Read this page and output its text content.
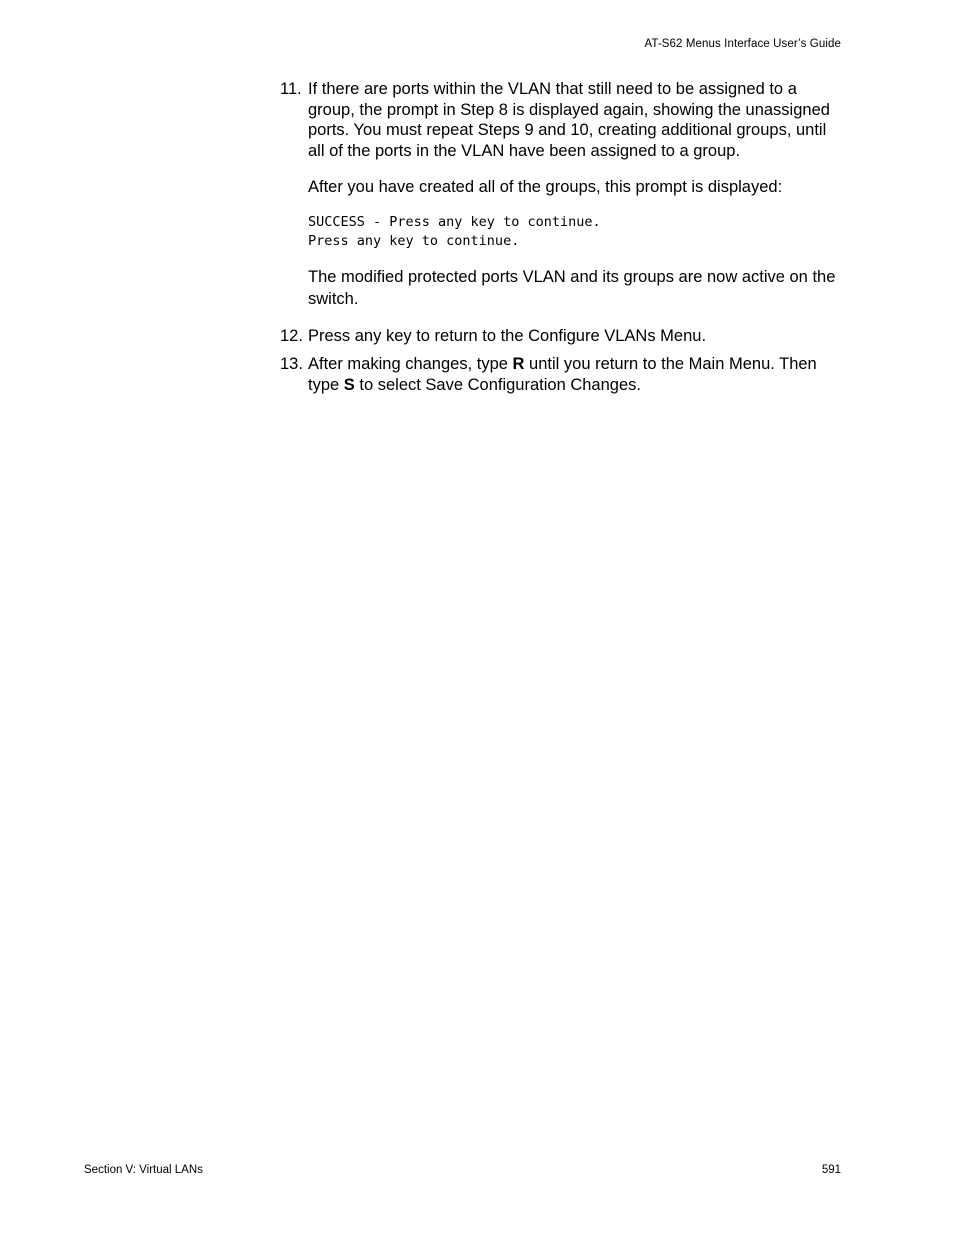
AT-S62 Menus Interface User’s Guide
11. If there are ports within the VLAN that still need to be assigned to a group, the prompt in Step 8 is displayed again, showing the unassigned ports. You must repeat Steps 9 and 10, creating additional groups, until all of the ports in the VLAN have been assigned to a group.

After you have created all of the groups, this prompt is displayed:

SUCCESS - Press any key to continue.
Press any key to continue.

The modified protected ports VLAN and its groups are now active on the switch.

12. Press any key to return to the Configure VLANs Menu.

13. After making changes, type R until you return to the Main Menu. Then type S to select Save Configuration Changes.

Section V: Virtual LANs	591
